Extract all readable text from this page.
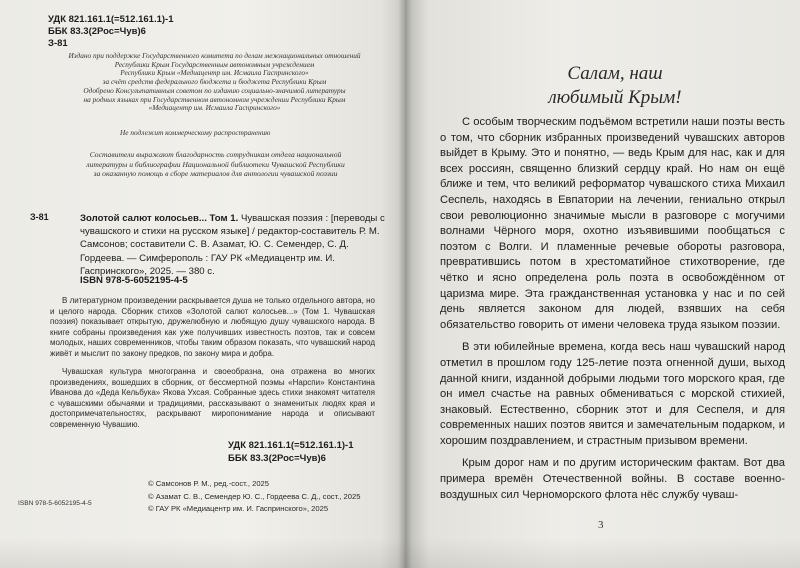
УДК 821.161.1(=512.161.1)-1
ББК 83.3(2Рос=Чув)6
З-81
Издано при поддержке Государственного комитета по делам межнациональных отношений
Республики Крым Государственным автономным учреждением
Республики Крым «Медиацентр им. Исмаила Гаспринского»
за счёт средств федерального бюджета и бюджета Республики Крым
Одобрено Консультативным советом по изданию социально-значимой литературы
на родных языках при Государственном автономном учреждении Республики Крым
«Медиацентр им. Исмаила Гаспринского»
Не подлежит коммерческому распространению
Составители выражают благодарность сотрудникам отдела национальной
литературы и библиографии Национальной библиотеки Чувашской Республики
за оказанную помощь в сборе материалов для антологии чувашской поэзии
З-81	Золотой салют колосьев... Том 1. Чувашская поэзия : [переводы с чувашского и стихи на русском языке] / редактор-составитель Р. М. Самсонов; составители С. В. Азамат, Ю. С. Семендер, С. Д. Гордеева. — Симферополь : ГАУ РК «Медиацентр им. И. Гаспринского», 2025. — 380 с.
ISBN 978-5-6052195-4-5

В литературном произведении раскрывается душа не только отдельного автора, но и целого народа. Сборник стихов «Золотой салют колосьев...» (Том 1. Чувашская поэзия) показывает открытую, дружелюбную и любящую душу чувашского народа. В книге собраны произведения как уже получивших известность поэтов, так и совсем молодых, наших современников, чтобы таким образом показать, что чувашский народ живёт и мыслит по закону предков, по закону мира и добра.

Чувашская культура многогранна и своеобразна, она отражена во многих произведениях, вошедших в сборник, от бессмертной поэмы «Нарспи» Константина Иванова до «Деда Кельбука» Якова Ухсая. Собранные здесь стихи знакомят читателя с чувашскими обычаями и традициями, рассказывают о знаменитых людях края и достопримечательностях, раскрывают миропонимание народа и описывают современную Чувашию.

УДК 821.161.1(=512.161.1)-1
ББК 83.3(2Рос=Чув)6
© Самсонов Р. М., ред.-сост., 2025
© Азамат С. В., Семендер Ю. С., Гордеева С. Д., сост., 2025
© ГАУ РК «Медиацентр им. И. Гаспринского», 2025
ISBN 978-5-6052195-4-5
Салам, наш
любимый Крым!

С особым творческим подъёмом встретили наши поэты весть о том, что сборник избранных произведений чувашских авторов выйдет в Крыму. Это и понятно, — ведь Крым для нас, как и для всех россиян, священно близкий сердцу край. Но нам он ещё ближе и тем, что великий реформатор чувашского стиха Михаил Сеспель, находясь в Евпатории на лечении, гениально открыл свои революционно значимые мысли в разговоре с могучими волнами Чёрного моря, охотно изъявившими пообщаться с поэтом с Волги. И пламенные речевые обороты разговора, превратившись потом в хрестоматийное стихотворение, где чётко и ясно определена роль поэта в освобождённом от царизма мире. Эта гражданственная установка у нас и по сей день является законом для людей, взявших на себя обязательство говорить от имени человека труда языком поэзии.

В эти юбилейные времена, когда весь наш чувашский народ отметил в прошлом году 125-летие поэта огненной души, выход данной книги, изданной добрыми людьми того морского края, где он имел счастье на равных обмениваться с морской стихией, знаковый. Естественно, сборник этот и для Сеспеля, и для современных наших поэтов явится и замечательным подарком, и хорошим поздравлением, и страстным призывом времени.

Крым дорог нам и по другим историческим фактам. Вот два примера времён Отечественной войны. В составе военно-воздушных сил Черноморского флота нёс службу чуваш-

3
